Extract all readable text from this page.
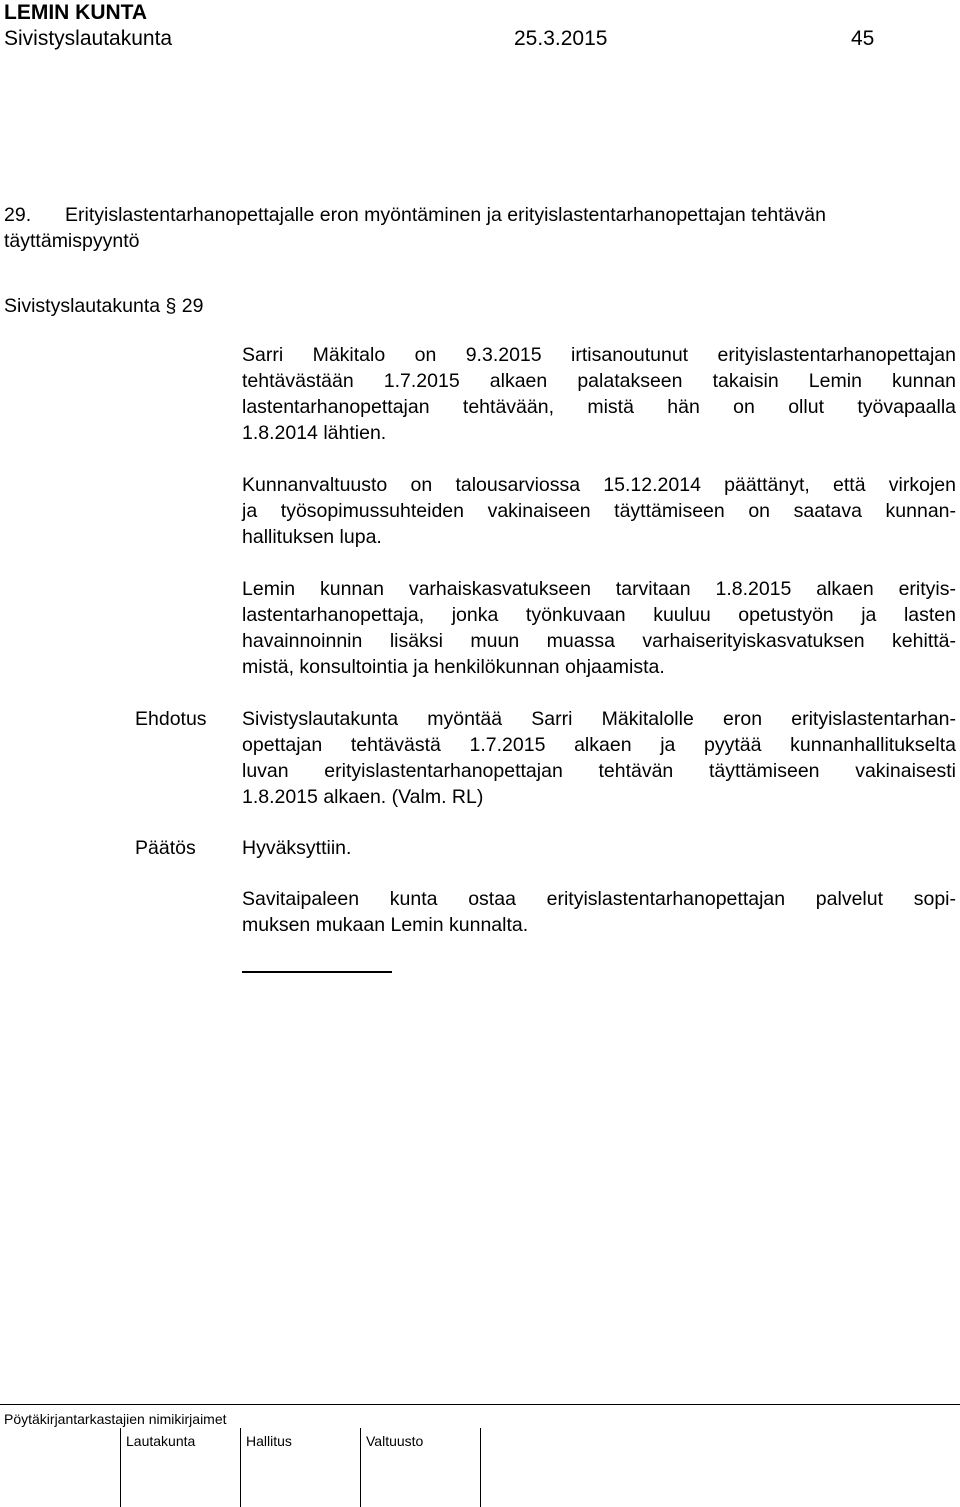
LEMIN KUNTA
Sivistyslautakunta	25.3.2015	45
29. Erityislastentarhanopettajalle eron myöntäminen ja erityislastentarhanopettajan tehtävän
täyttämispyyntö
Sivistyslautakunta § 29
Sarri Mäkitalo on 9.3.2015 irtisanoutunut erityislastentarhanopettajan
tehtävästään 1.7.2015 alkaen palatakseen takaisin Lemin kunnan
lastentarhanopettajan tehtävään, mistä hän on ollut työvapaalla
1.8.2014 lähtien.
Kunnanvaltuusto on talousarviossa 15.12.2014 päättänyt, että virkojen
ja työsopimussuhteiden vakinaiseen täyttämiseen on saatava kunnan-
hallituksen lupa.
Lemin kunnan varhaiskasvatukseen tarvitaan 1.8.2015 alkaen erityis-
lastentarhanopettaja, jonka työnkuvaan kuuluu opetustyön ja lasten
havainnoinnin lisäksi muun muassa varhaiserityiskasvatuksen kehittä-
mistä, konsultointia ja henkilökunnan ohjaamista.
Ehdotus Sivistyslautakunta myöntää Sarri Mäkitalolle eron erityislastentarhan-
opettajan tehtävästä 1.7.2015 alkaen ja pyytää kunnanhallitukselta
luvan erityislastentarhanopettajan tehtävän täyttämiseen vakinaisesti
1.8.2015 alkaen. (Valm. RL)
Päätös Hyväksyttiin.
Savitaipaleen kunta ostaa erityislastentarhanopettajan palvelut sopi-
muksen mukaan Lemin kunnalta.
Pöytäkirjantarkastajien nimikirjaimet
Lautakunta	Hallitus	Valtuusto
